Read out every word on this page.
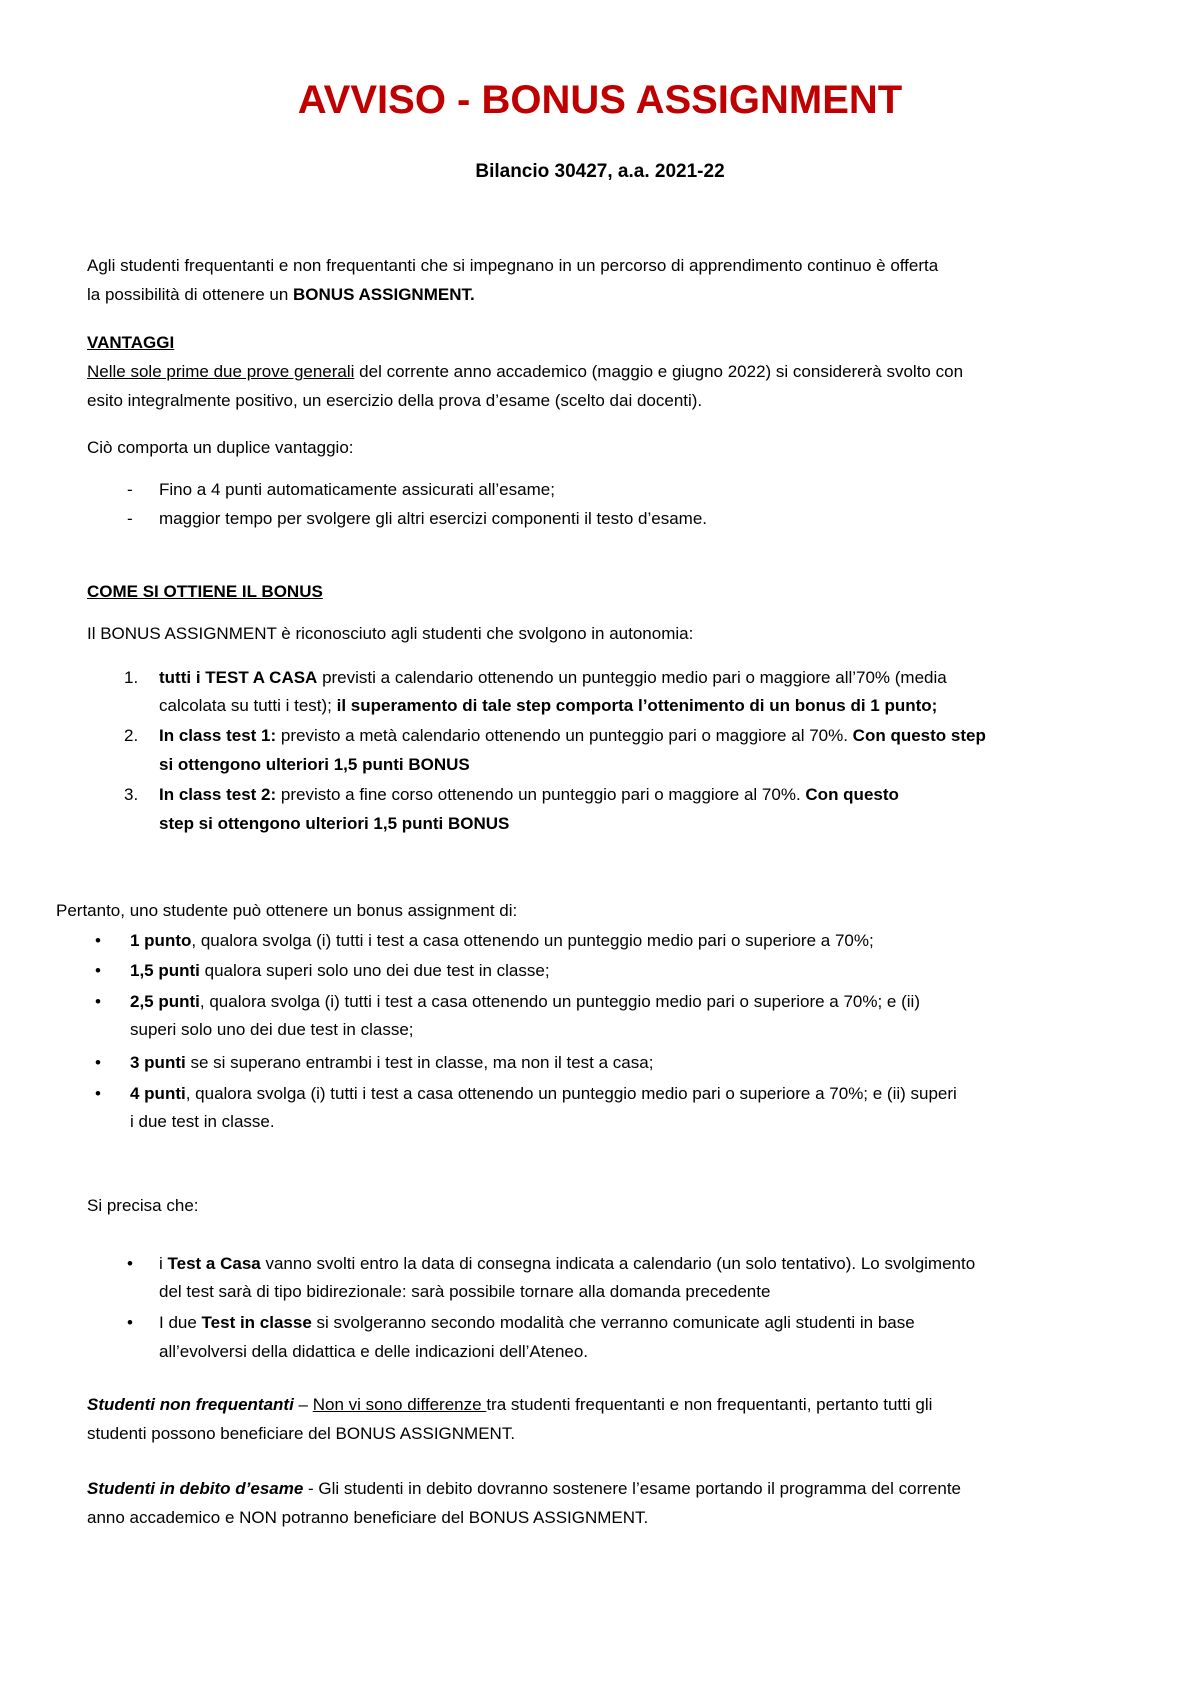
AVVISO - BONUS ASSIGNMENT
Bilancio 30427, a.a. 2021-22
Agli studenti frequentanti e non frequentanti che si impegnano in un percorso di apprendimento continuo è offerta
la possibilità di ottenere un BONUS ASSIGNMENT.
VANTAGGI
Nelle sole prime due prove generali del corrente anno accademico (maggio e giugno 2022) si considererà svolto con
esito integralmente positivo, un esercizio della prova d’esame (scelto dai docenti).
Ciò comporta un duplice vantaggio:
- Fino a 4 punti automaticamente assicurati all’esame;
- maggior tempo per svolgere gli altri esercizi componenti il testo d’esame.
COME SI OTTIENE IL BONUS
Il BONUS ASSIGNMENT è riconosciuto agli studenti che svolgono in autonomia:
1. tutti i TEST A CASA previsti a calendario ottenendo un punteggio medio pari o maggiore all’70% (media
calcolata su tutti i test); il superamento di tale step comporta l’ottenimento di un bonus di 1 punto;
2. In class test 1: previsto a metà calendario ottenendo un punteggio pari o maggiore al 70%. Con questo step
si ottengono ulteriori 1,5 punti BONUS
3. In class test 2: previsto a fine corso ottenendo un punteggio pari o maggiore al 70%. Con questo
step si ottengono ulteriori 1,5 punti BONUS
Pertanto, uno studente può ottenere un bonus assignment di:
• 1 punto, qualora svolga (i) tutti i test a casa ottenendo un punteggio medio pari o superiore a 70%;
• 1,5 punti qualora superi solo uno dei due test in classe;
• 2,5 punti, qualora svolga (i) tutti i test a casa ottenendo un punteggio medio pari o superiore a 70%; e (ii)
superi solo uno dei due test in classe;
• 3 punti se si superano entrambi i test in classe, ma non il test a casa;
• 4 punti, qualora svolga (i) tutti i test a casa ottenendo un punteggio medio pari o superiore a 70%; e (ii) superi
i due test in classe.
Si precisa che:
• i Test a Casa vanno svolti entro la data di consegna indicata a calendario (un solo tentativo). Lo svolgimento
del test sarà di tipo bidirezionale: sarà possibile tornare alla domanda precedente
• I due Test in classe si svolgeranno secondo modalità che verranno comunicate agli studenti in base
all’evolversi della didattica e delle indicazioni dell’Ateneo.
Studenti non frequentanti – Non vi sono differenze tra studenti frequentanti e non frequentanti, pertanto tutti gli
studenti possono beneficiare del BONUS ASSIGNMENT.
Studenti in debito d’esame - Gli studenti in debito dovranno sostenere l’esame portando il programma del corrente
anno accademico e NON potranno beneficiare del BONUS ASSIGNMENT.
